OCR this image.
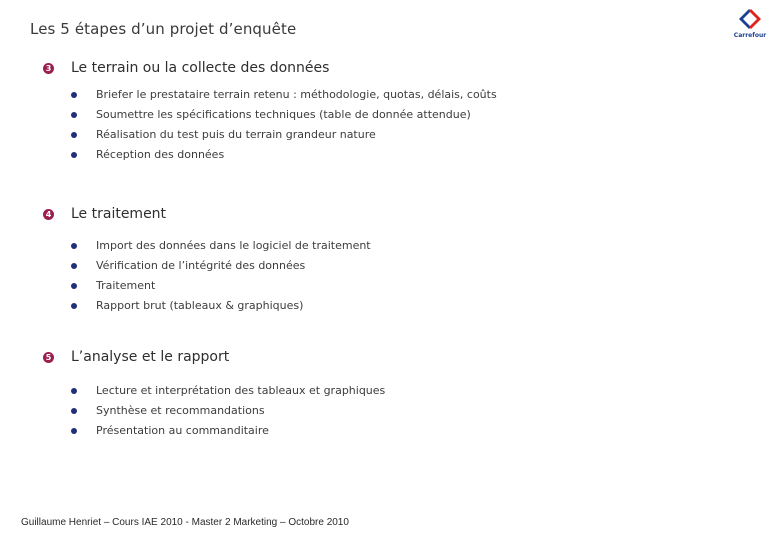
Les 5 étapes d’un projet d’enquête	Carrefour
3 Le terrain ou la collecte des données
Briefer le prestataire terrain retenu : méthodologie, quotas, délais, coûts
Soumettre les spécifications techniques (table de donnée attendue)
Réalisation du test puis du terrain grandeur nature
Réception des données
4 Le traitement
Import des données dans le logiciel de traitement
Vérification de l’intégrité des données
Traitement
Rapport brut (tableaux & graphiques)
5 L’analyse et le rapport
Lecture et interprétation des tableaux et graphiques
Synthèse et recommandations
Présentation au commanditaire
Guillaume Henriet – Cours IAE 2010 - Master 2 Marketing – Octobre 2010
